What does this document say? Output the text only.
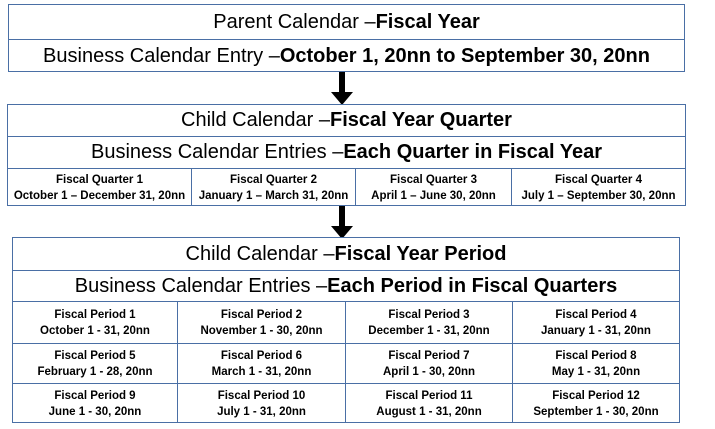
Parent Calendar – Fiscal Year
Business Calendar Entry – October 1, 20nn to September 30, 20nn
Child Calendar – Fiscal Year Quarter
Business Calendar Entries – Each Quarter in Fiscal Year
Fiscal Quarter 1
October 1 – December 31, 20nn
Fiscal Quarter 2
January 1 – March 31, 20nn
Fiscal Quarter 3
April 1 – June 30, 20nn
Fiscal Quarter 4
July 1 – September 30, 20nn
Child Calendar – Fiscal Year Period
Business Calendar Entries – Each Period in Fiscal Quarters
Fiscal Period 1
October 1 - 31, 20nn
Fiscal Period 2
November 1 - 30, 20nn
Fiscal Period 3
December 1 - 31, 20nn
Fiscal Period 4
January 1 - 31, 20nn
Fiscal Period 5
February 1 - 28, 20nn
Fiscal Period 6
March 1 - 31, 20nn
Fiscal Period 7
April 1 - 30, 20nn
Fiscal Period 8
May 1 - 31, 20nn
Fiscal Period 9
June 1 - 30, 20nn
Fiscal Period 10
July 1 - 31, 20nn
Fiscal Period 11
August 1 - 31, 20nn
Fiscal Period 12
September 1 - 30, 20nn
